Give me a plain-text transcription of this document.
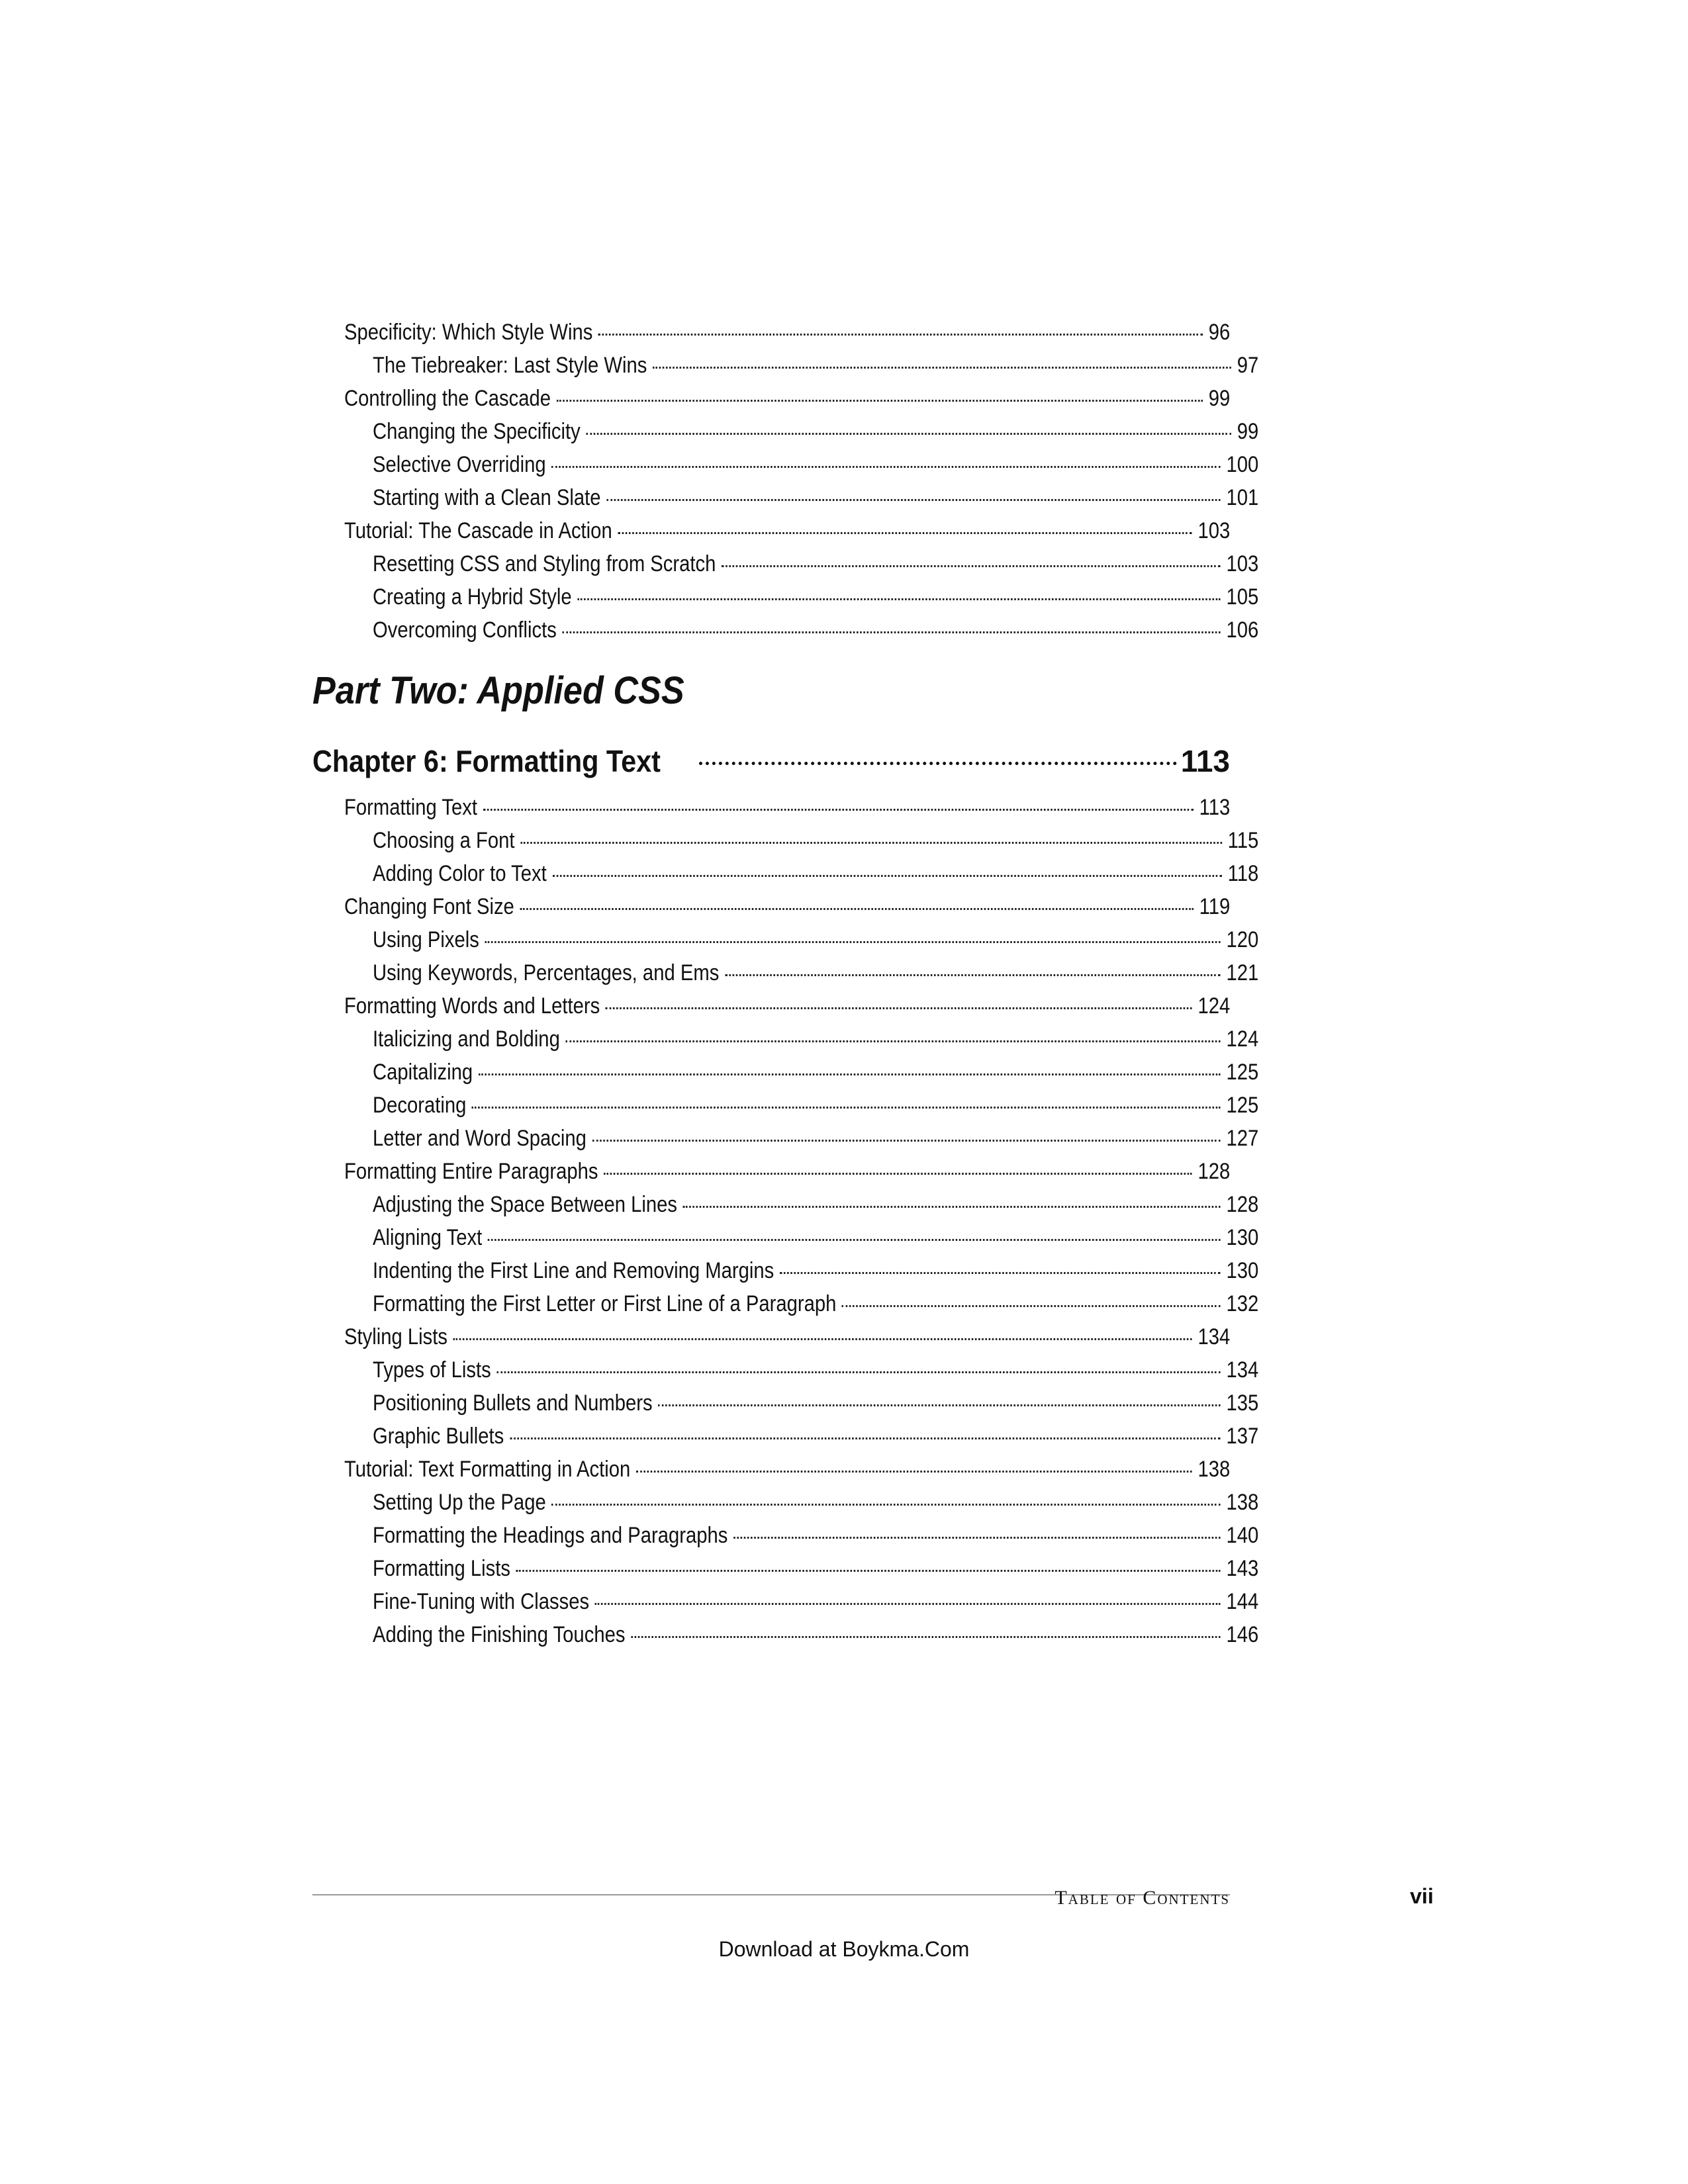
Specificity: Which Style Wins	96
The Tiebreaker: Last Style Wins	97
Controlling the Cascade	99
Changing the Specificity	99
Selective Overriding	100
Starting with a Clean Slate	101
Tutorial: The Cascade in Action	103
Resetting CSS and Styling from Scratch	103
Creating a Hybrid Style	105
Overcoming Conflicts	106
Part Two: Applied CSS
Chapter 6: Formatting Text	113
Formatting Text	113
Choosing a Font	115
Adding Color to Text	118
Changing Font Size	119
Using Pixels	120
Using Keywords, Percentages, and Ems	121
Formatting Words and Letters	124
Italicizing and Bolding	124
Capitalizing	125
Decorating	125
Letter and Word Spacing	127
Formatting Entire Paragraphs	128
Adjusting the Space Between Lines	128
Aligning Text	130
Indenting the First Line and Removing Margins	130
Formatting the First Letter or First Line of a Paragraph	132
Styling Lists	134
Types of Lists	134
Positioning Bullets and Numbers	135
Graphic Bullets	137
Tutorial: Text Formatting in Action	138
Setting Up the Page	138
Formatting the Headings and Paragraphs	140
Formatting Lists	143
Fine-Tuning with Classes	144
Adding the Finishing Touches	146
Table of Contents	vii
Download at Boykma.Com
